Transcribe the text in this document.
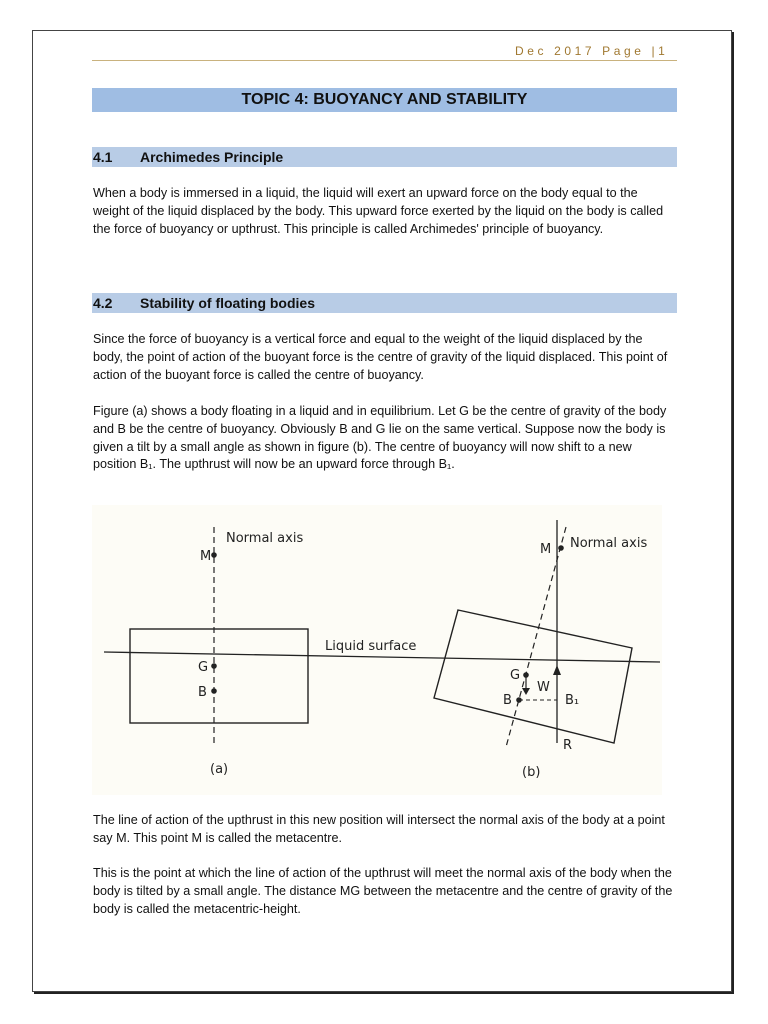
Dec 2017 Page |1
TOPIC 4: BUOYANCY AND STABILITY
4.1 Archimedes Principle

When a body is immersed in a liquid, the liquid will exert an upward force on the body equal to the weight of the liquid displaced by the body. This upward force exerted by the liquid on the body is called the force of buoyancy or upthrust. This principle is called Archimedes' principle of buoyancy.

4.2 Stability of floating bodies

Since the force of buoyancy is a vertical force and equal to the weight of the liquid displaced by the body, the point of action of the buoyant force is the centre of gravity of the liquid displaced. This point of action of the buoyant force is called the centre of buoyancy.

Figure (a) shows a body floating in a liquid and in equilibrium. Let G be the centre of gravity of the body and B be the centre of buoyancy. Obviously B and G lie on the same vertical. Suppose now the body is given a tilt by a small angle as shown in figure (b). The centre of buoyancy will now shift to a new position B₁. The upthrust will now be an upward force through B₁.

Liquid surface
M
Normal axis
G
B
(a)
M Normal axis
G
W
B	B₁
R
(b)

The line of action of the upthrust in this new position will intersect the normal axis of the body at a point say M. This point M is called the metacentre.

This is the point at which the line of action of the upthrust will meet the normal axis of the body when the body is tilted by a small angle. The distance MG between the metacentre and the centre of gravity of the body is called the metacentric-height.
